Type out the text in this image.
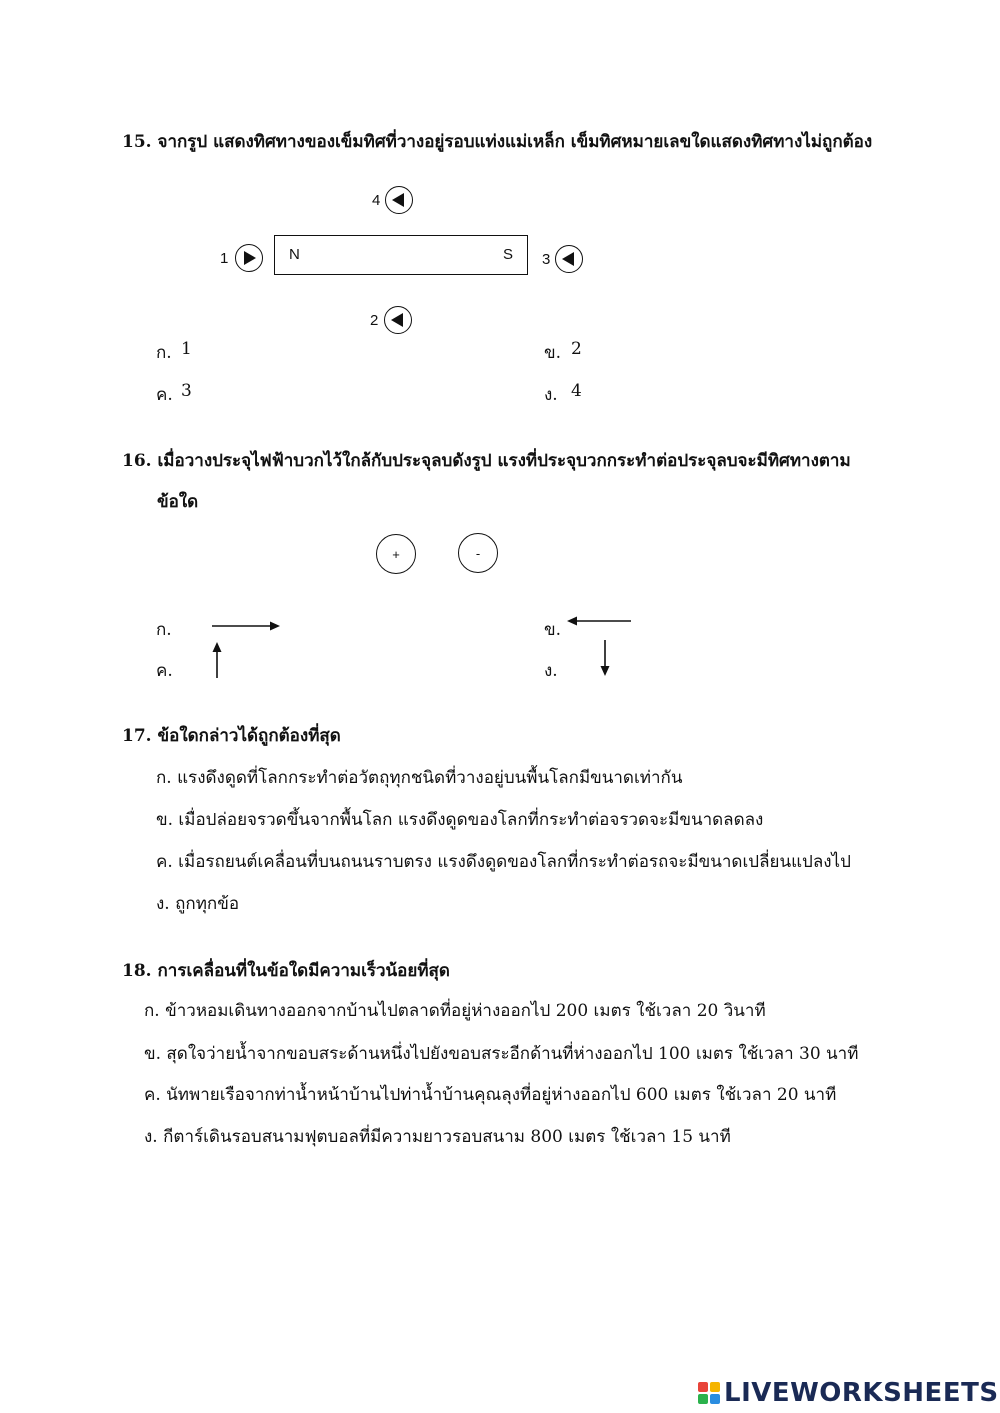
15. จากรูป แสดงทิศทางของเข็มทิศที่วางอยู่รอบแท่งแม่เหล็ก เข็มทิศหมายเลขใดแสดงทิศทางไม่ถูกต้อง
N	S
4
1	3
2
ก. 1	ข. 2
ค. 3	ง. 4
16. เมื่อวางประจุไฟฟ้าบวกไว้ใกล้กับประจุลบดังรูป แรงที่ประจุบวกกระทำต่อประจุลบจะมีทิศทางตาม
ข้อใด
+	-
ก.	ข.
ค.	ง.
17. ข้อใดกล่าวได้ถูกต้องที่สุด
ก. แรงดึงดูดที่โลกกระทำต่อวัตถุทุกชนิดที่วางอยู่บนพื้นโลกมีขนาดเท่ากัน
ข. เมื่อปล่อยจรวดขึ้นจากพื้นโลก แรงดึงดูดของโลกที่กระทำต่อจรวดจะมีขนาดลดลง
ค. เมื่อรถยนต์เคลื่อนที่บนถนนราบตรง แรงดึงดูดของโลกที่กระทำต่อรถจะมีขนาดเปลี่ยนแปลงไป
ง. ถูกทุกข้อ
18. การเคลื่อนที่ในข้อใดมีความเร็วน้อยที่สุด
ก. ข้าวหอมเดินทางออกจากบ้านไปตลาดที่อยู่ห่างออกไป 200 เมตร ใช้เวลา 20 วินาที
ข. สุดใจว่ายน้ำจากขอบสระด้านหนึ่งไปยังขอบสระอีกด้านที่ห่างออกไป 100 เมตร ใช้เวลา 30 นาที
ค. นัทพายเรือจากท่าน้ำหน้าบ้านไปท่าน้ำบ้านคุณลุงที่อยู่ห่างออกไป 600 เมตร ใช้เวลา 20 นาที
ง. กีตาร์เดินรอบสนามฟุตบอลที่มีความยาวรอบสนาม 800 เมตร ใช้เวลา 15 นาที
LIVEWORKSHEETS
